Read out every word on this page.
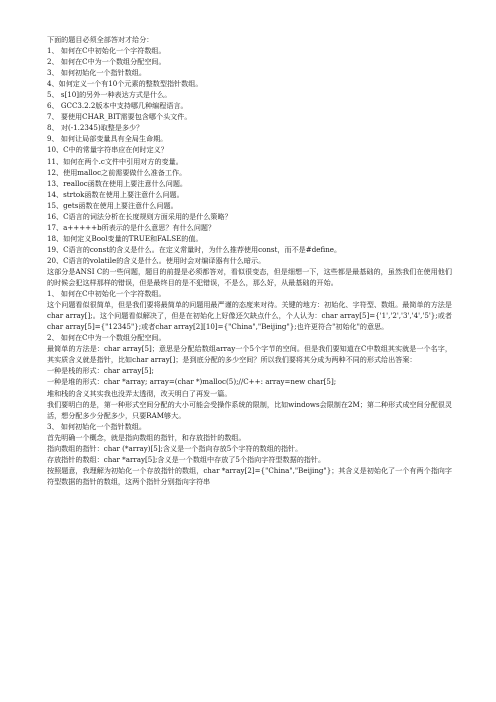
下面的题目必须全部答对才给分：
1、 如何在C中初始化一个字符数组。
2、 如何在C中为一个数组分配空间。
3、 如何初始化一个指针数组。
4、如何定义一个有10个元素的整数型指针数组。
5、 s[10]的另外一种表达方式是什么。
6、 GCC3.2.2版本中支持哪几种编程语言。
7、 要使用CHAR_BIT需要包含哪个头文件。
8、 对(-1.2345)取整是多少？
9、 如何让局部变量具有全局生命期。
10、C中的常量字符串应在何时定义？
11、如何在两个.c文件中引用对方的变量。
12、使用malloc之前需要做什么准备工作。
13、realloc函数在使用上要注意什么问题。
14、strtok函数在使用上要注意什么问题。
15、gets函数在使用上要注意什么问题。
16、C语言的词法分析在长度规则方面采用的是什么策略？
17、a+++++b所表示的是什么意思？有什么问题？
18、如何定义Bool变量的TRUE和FALSE的值。
19、C语言的const的含义是什么。在定义常量时，为什么推荐使用const，而不是#define。
20、C语言的volatile的含义是什么。使用时会对编译器有什么暗示。
这部分是ANSI C的一些问题，题目的前提是必须都答对，看似很变态，但是细想一下，这些都是最基础的，虽然我们在使用他们的时候会犯这样那样的错误，但是最终目的是不犯错误，不是么，那么好，从最基础的开始。
1、 如何在C中初始化一个字符数组。
这个问题看似很简单，但是我们要将最简单的问题用最严谨的态度来对待。关键的地方：初始化、字符型、数组。最简单的方法是 char array[];。这个问题看似解决了，但是在初始化上好像还欠缺点什么，个人认为：char array[5]={'1','2','3','4','5'};或者char array[5]={"12345"};或者char array[2][10]={"China","Beijing"};也许更符合"初始化"的意思。
2、 如何在C中为一个数组分配空间。
最简单的方法是：char array[5]；意思是分配给数组array一个5个字节的空间。但是我们要知道在C中数组其实就是一个名字，其实质含义就是指针，比如char array[]；是到底分配的多少空间？所以我们要将其分成为两种不同的形式给出答案：
一种是栈的形式：char array[5];
一种是堆的形式：char *array; array=(char *)malloc(5);//C++: array=new char[5];
堆和栈的含义其实我也没弄太透彻，改天明白了再发一篇。
我们要明白的是，第一种形式空间分配的大小可能会受操作系统的限制，比如windows会限制在2M；第二种形式成空间分配很灵活，想分配多少分配多少，只要RAM够大。
3、 如何初始化一个指针数组。
首先明确一个概念，就是指向数组的指针，和存放指针的数组。
指向数组的指针：char (*array)[5];含义是一个指向存放5个字符的数组的指针。
存放指针的数组：char *array[5];含义是一个数组中存放了5个指向字符型数据的指针。
按照题意，我理解为初始化一个存放指针的数组，char *array[2]={"China","Beijing"}；其含义是初始化了一个有两个指向字符型数据的指针的数组，这两个指针分别指向字符串
